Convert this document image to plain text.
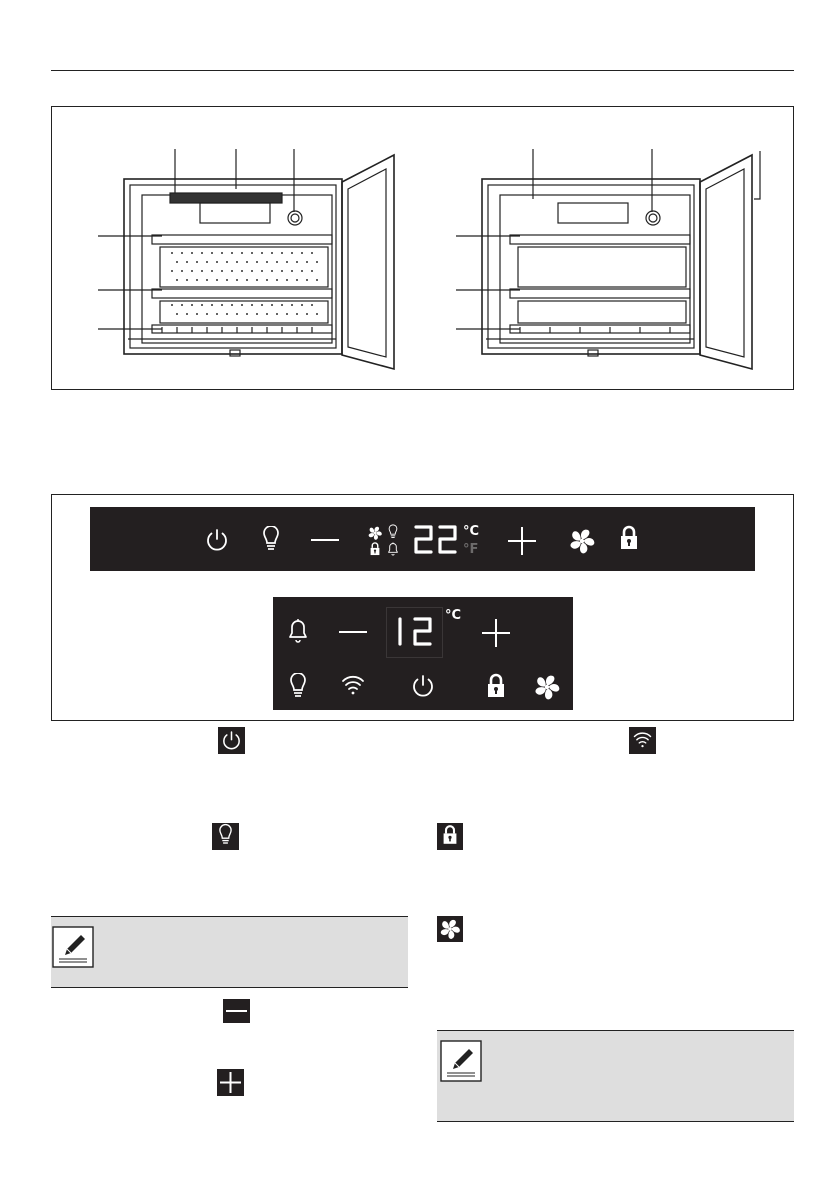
°C
°F
°C
